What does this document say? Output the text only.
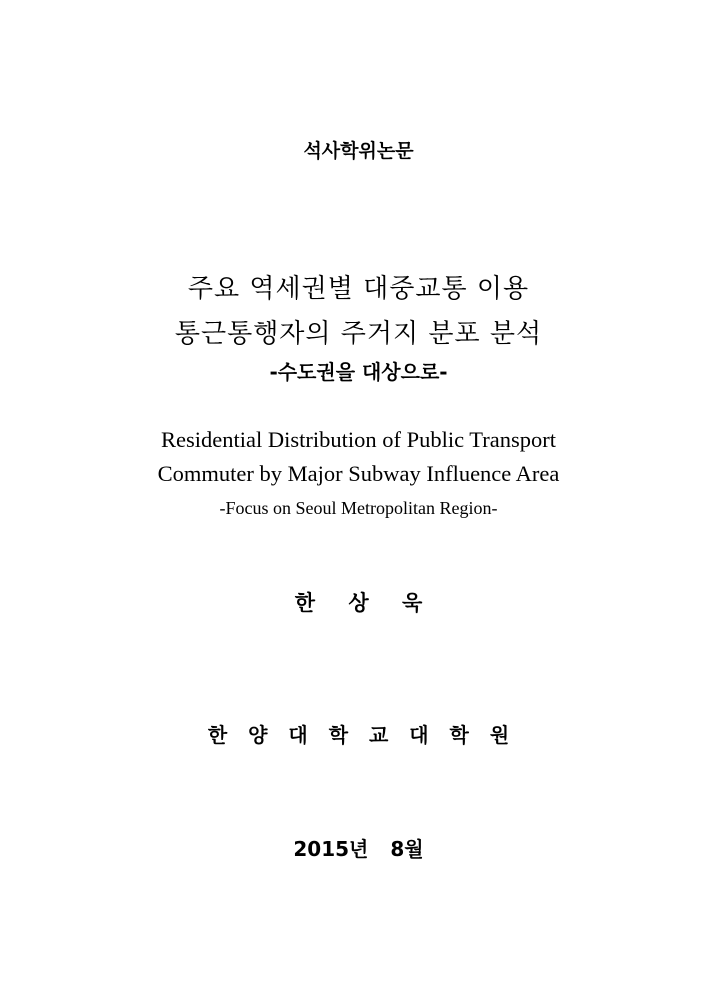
석사학위논문

주요 역세권별 대중교통 이용

통근통행자의 주거지 분포 분석

-수도권을 대상으로-

Residential Distribution of Public Transport

Commuter by Major Subway Influence Area

-Focus on Seoul Metropolitan Region-

한 상 욱

한 양 대 학 교 대 학 원

2015년 8월
